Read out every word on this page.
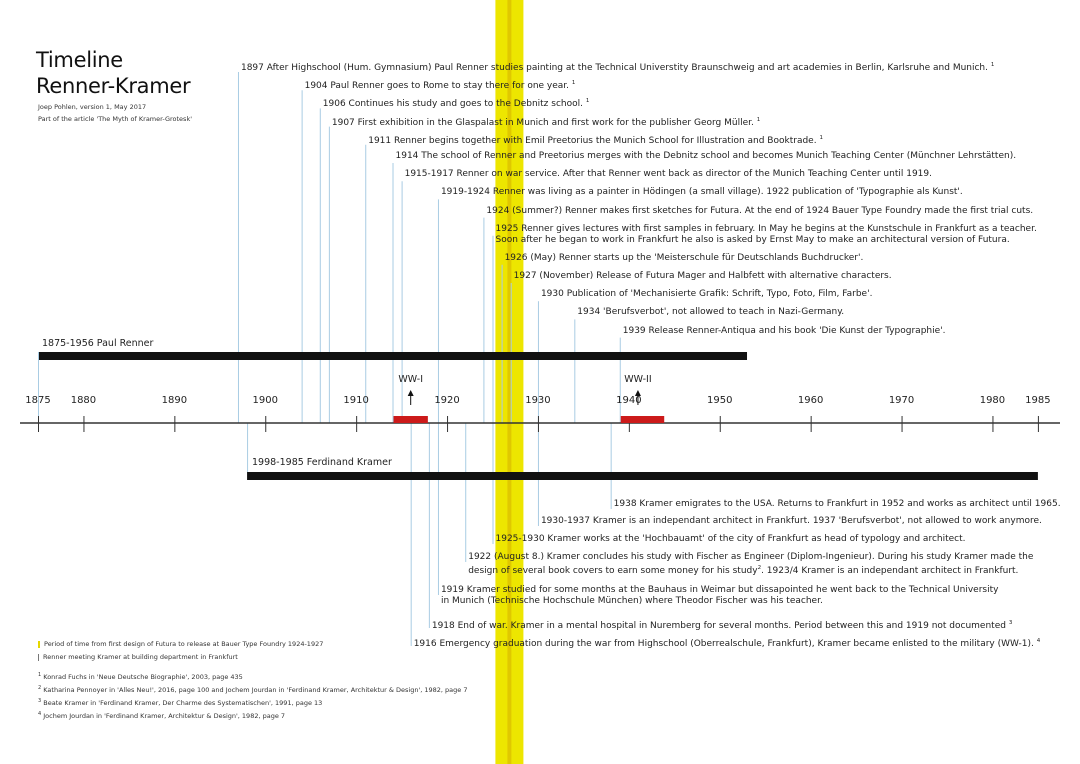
Timeline
Renner-Kramer
Joep Pohlen, version 1, May 2017
Part of the article 'The Myth of Kramer-Grotesk'
1875-1956 Paul Renner
1998-1985 Ferdinand Kramer
1875 1880	1890	1900	1910	1920	1930	1940	1950	1960	1970	1980 1985
WW-I	WW-II
1897 After Highschool (Hum. Gymnasium) Paul Renner studies painting at the Technical Universtity Braunschweig and art academies in Berlin, Karlsruhe and Munich. $^1$
1904 Paul Renner goes to Rome to stay there for one year. $^1$
1906 Continues his study and goes to the Debnitz school. $^1$
1907 First exhibition in the Glaspalast in Munich and first work for the publisher Georg Müller. $^1$
1911 Renner begins together with Emil Preetorius the Munich School for Illustration and Booktrade. $^1$
1914 The school of Renner and Preetorius merges with the Debnitz school and becomes Munich Teaching Center (Münchner Lehrstätten).
1915-1917 Renner on war service. After that Renner went back as director of the Munich Teaching Center until 1919.
1919-1924 Renner was living as a painter in Hödingen (a small village). 1922 publication of 'Typographie als Kunst'.
1924 (Summer?) Renner makes first sketches for Futura. At the end of 1924 Bauer Type Foundry made the first trial cuts.
1925 Renner gives lectures with first samples in february. In May he begins at the Kunstschule in Frankfurt as a teacher.
Soon after he began to work in Frankfurt he also is asked by Ernst May to make an architectural version of Futura.
1926 (May) Renner starts up the 'Meisterschule für Deutschlands Buchdrucker'.
1927 (November) Release of Futura Mager and Halbfett with alternative characters.
1930 Publication of 'Mechanisierte Grafik: Schrift, Typo, Foto, Film, Farbe'.
1934 'Berufsverbot', not allowed to teach in Nazi-Germany.
1939 Release Renner-Antiqua and his book 'Die Kunst der Typographie'.
1938 Kramer emigrates to the USA. Returns to Frankfurt in 1952 and works as architect until 1965.
1930-1937 Kramer is an independant architect in Frankfurt. 1937 'Berufsverbot', not allowed to work anymore.
1925-1930 Kramer works at the 'Hochbauamt' of the city of Frankfurt as head of typology and architect.
1922 (August 8.) Kramer concludes his study with Fischer as Engineer (Diplom-Ingenieur). During his study Kramer made the
design of several book covers to earn some money for his study$^2$. 1923/4 Kramer is an independant architect in Frankfurt.
1919 Kramer studied for some months at the Bauhaus in Weimar but dissapointed he went back to the Technical University
in Munich (Technische Hochschule München) where Theodor Fischer was his teacher.
1918 End of war. Kramer in a mental hospital in Nuremberg for several months. Period between this and 1919 not documented $^3$
1916 Emergency graduation during the war from Highschool (Oberrealschule, Frankfurt), Kramer became enlisted to the military (WW-1). $^4$
Period of time from first design of Futura to release at Bauer Type Foundry 1924-1927
Renner meeting Kramer at building department in Frankfurt
$^1$ Konrad Fuchs in 'Neue Deutsche Biographie', 2003, page 435
$^2$ Katharina Pennoyer in 'Alles Neu!', 2016, page 100 and Jochem Jourdan in 'Ferdinand Kramer, Architektur & Design', 1982, page 7
$^3$ Beate Kramer in 'Ferdinand Kramer, Der Charme des Systematischen', 1991, page 13
$^4$ Jochem Jourdan in 'Ferdinand Kramer, Architektur & Design', 1982, page 7
